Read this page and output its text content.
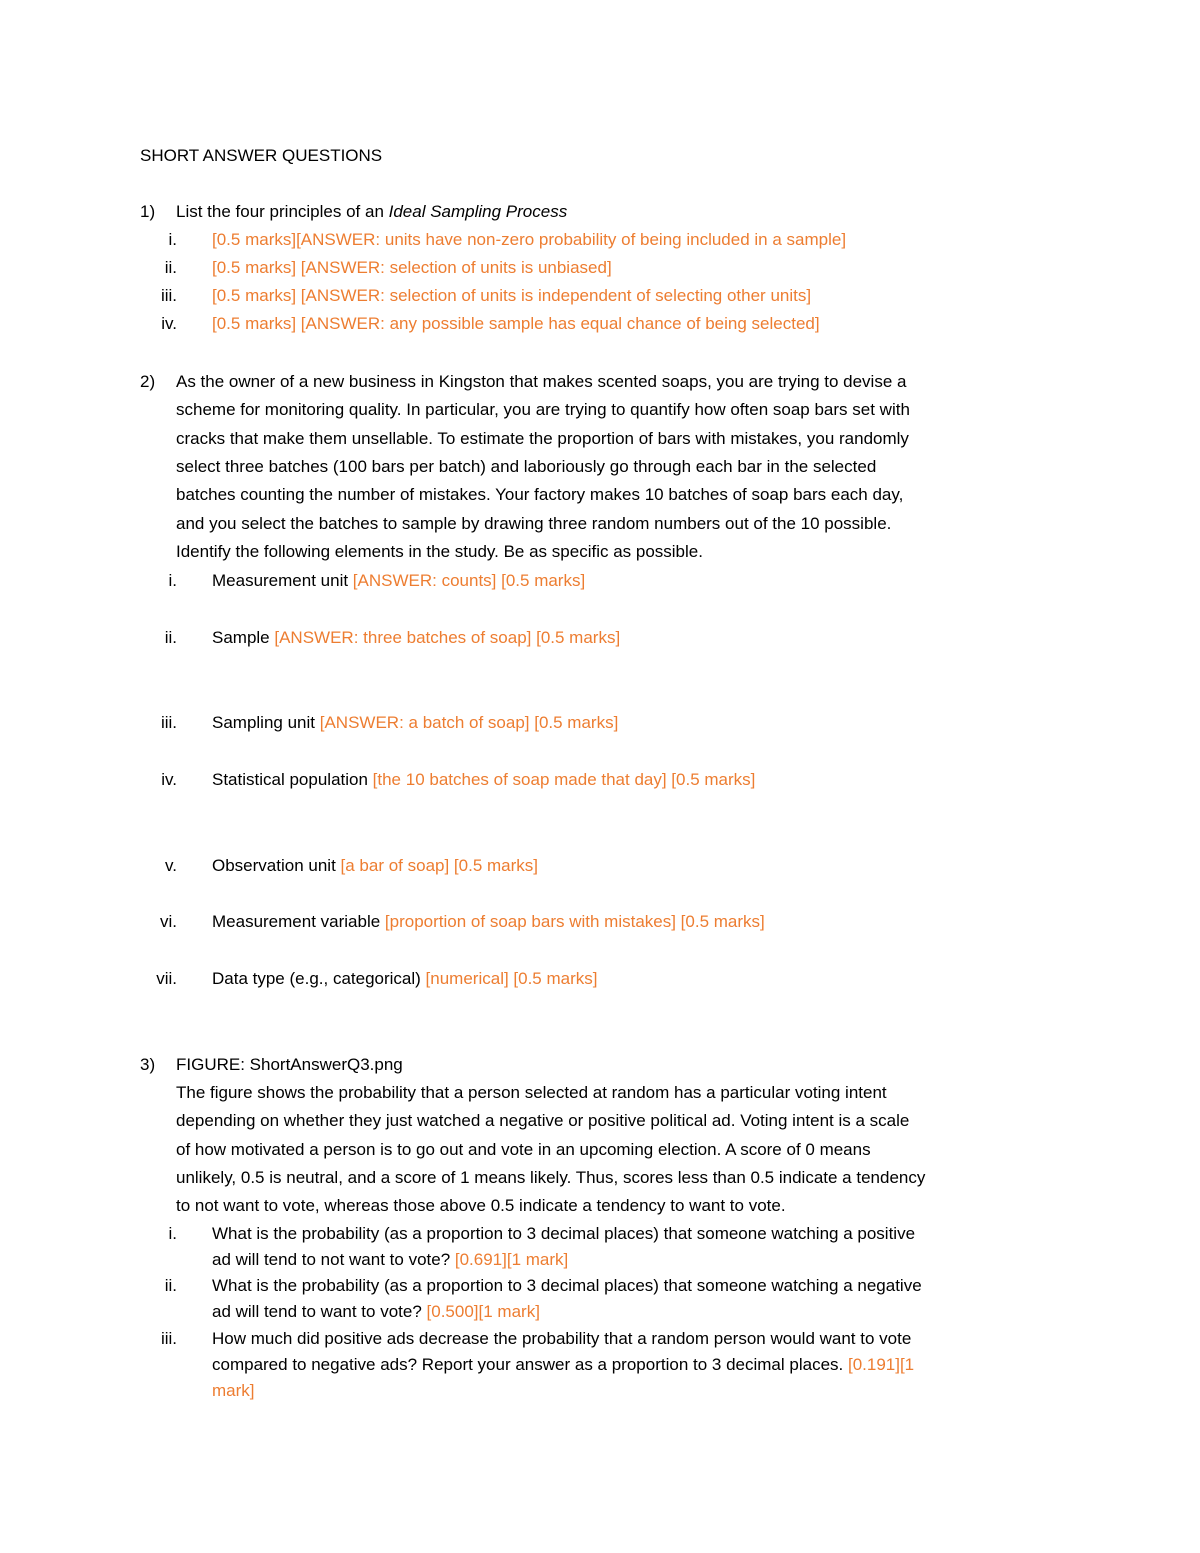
SHORT ANSWER QUESTIONS
1) List the four principles of an Ideal Sampling Process
i. [0.5 marks][ANSWER: units have non-zero probability of being included in a sample]
ii. [0.5 marks] [ANSWER: selection of units is unbiased]
iii. [0.5 marks] [ANSWER: selection of units is independent of selecting other units]
iv. [0.5 marks] [ANSWER: any possible sample has equal chance of being selected]
2) As the owner of a new business in Kingston that makes scented soaps, you are trying to devise a
scheme for monitoring quality. In particular, you are trying to quantify how often soap bars set with
cracks that make them unsellable. To estimate the proportion of bars with mistakes, you randomly
select three batches (100 bars per batch) and laboriously go through each bar in the selected
batches counting the number of mistakes. Your factory makes 10 batches of soap bars each day,
and you select the batches to sample by drawing three random numbers out of the 10 possible.
Identify the following elements in the study. Be as specific as possible.
i. Measurement unit [ANSWER: counts] [0.5 marks]
ii. Sample [ANSWER: three batches of soap] [0.5 marks]
iii. Sampling unit [ANSWER: a batch of soap] [0.5 marks]
iv. Statistical population [the 10 batches of soap made that day] [0.5 marks]
v. Observation unit [a bar of soap] [0.5 marks]
vi. Measurement variable [proportion of soap bars with mistakes] [0.5 marks]
vii. Data type (e.g., categorical) [numerical] [0.5 marks]
3) FIGURE: ShortAnswerQ3.png
The figure shows the probability that a person selected at random has a particular voting intent
depending on whether they just watched a negative or positive political ad. Voting intent is a scale
of how motivated a person is to go out and vote in an upcoming election. A score of 0 means
unlikely, 0.5 is neutral, and a score of 1 means likely. Thus, scores less than 0.5 indicate a tendency
to not want to vote, whereas those above 0.5 indicate a tendency to want to vote.
i. What is the probability (as a proportion to 3 decimal places) that someone watching a positive
ad will tend to not want to vote? [0.691][1 mark]
ii. What is the probability (as a proportion to 3 decimal places) that someone watching a negative
ad will tend to want to vote? [0.500][1 mark]
iii. How much did positive ads decrease the probability that a random person would want to vote
compared to negative ads? Report your answer as a proportion to 3 decimal places. [0.191][1
mark]
